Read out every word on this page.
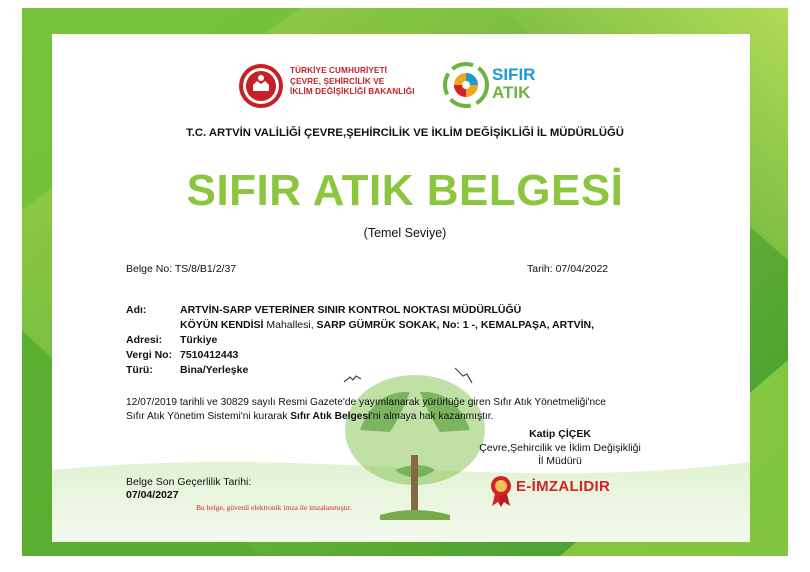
TÜRKİYE CUMHURİYETİ
ÇEVRE, ŞEHİRCİLİK VE
İKLİM DEĞİŞİKLİĞİ BAKANLIĞI
SIFIR
ATIK
T.C. ARTVİN VALİLİĞİ ÇEVRE,ŞEHİRCİLİK VE İKLİM DEĞİŞİKLİĞİ İL MÜDÜRLÜĞÜ
SIFIR ATIK BELGESİ
(Temel Seviye)
Belge No: TS/8/B1/2/37	Tarih: 07/04/2022
Adı:	ARTVİN-SARP VETERİNER SINIR KONTROL NOKTASI MÜDÜRLÜĞÜ
KÖYÜN KENDİSİ Mahallesi, SARP GÜMRÜK SOKAK, No: 1 -, KEMALPAŞA, ARTVİN,
Adresi: Türkiye
Vergi No: 7510412443
Türü:	Bina/Yerleşke
12/07/2019 tarihli ve 30829 sayılı Resmi Gazete'de yayımlanarak yürürlüğe giren Sıfır Atık Yönetmeliği'nce Sıfır Atık Yönetim Sistemi'ni kurarak Sıfır Atık Belgesi'ni almaya hak kazanmıştır.
Katip ÇİÇEK
Çevre,Şehircilik ve İklim Değişikliği
İl Müdürü
Belge Son Geçerlilik Tarihi:
07/04/2027
Bu belge, güvenli elektronik imza ile imzalanmıştır.
E-İMZALIDIR
